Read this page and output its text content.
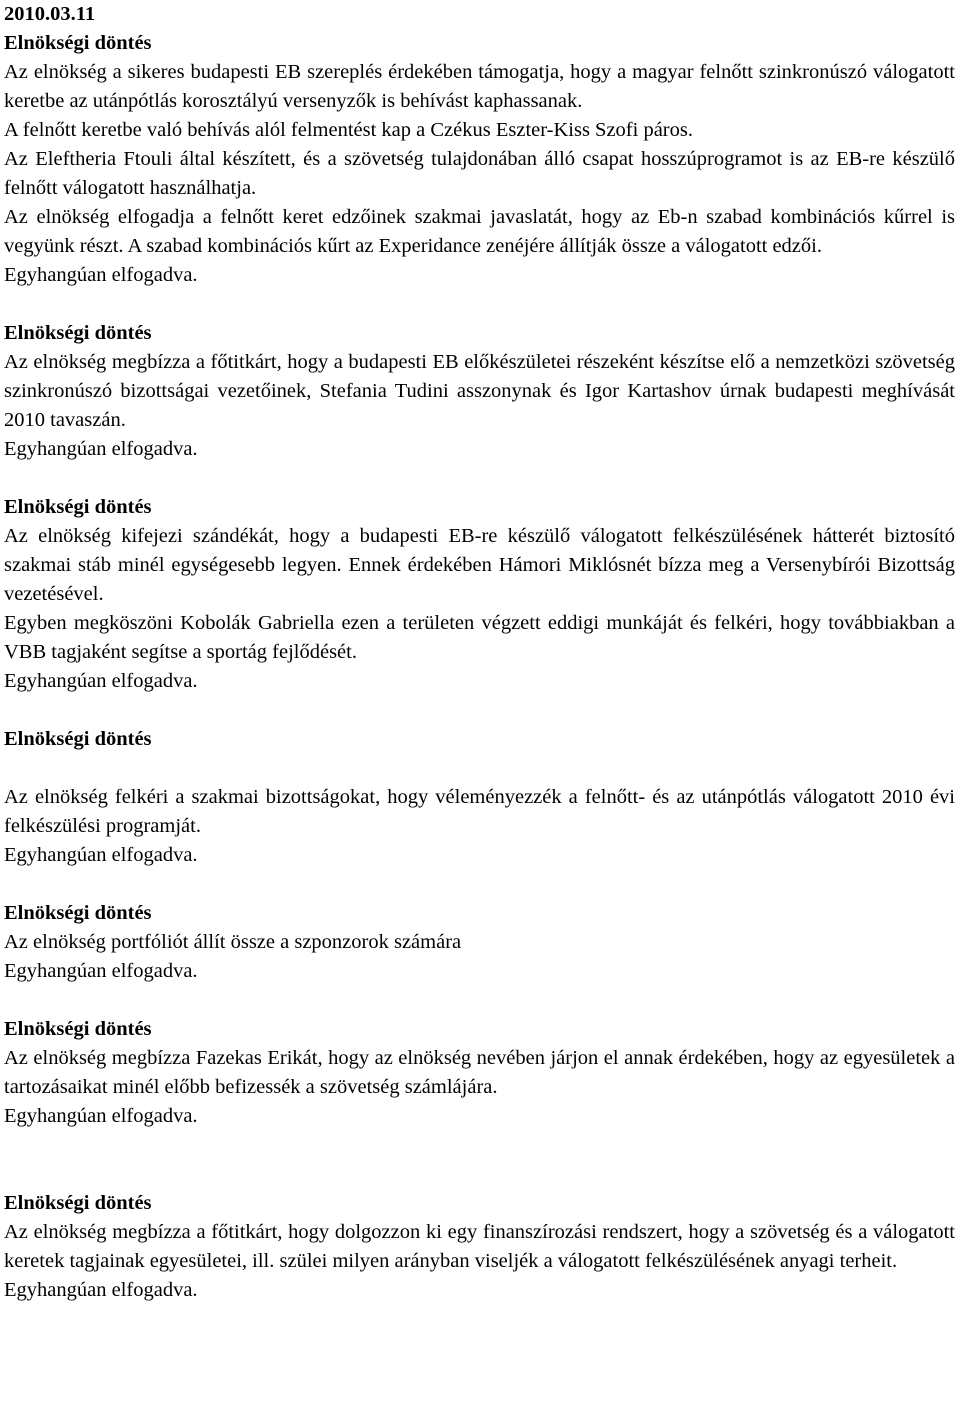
2010.03.11
Elnökségi döntés
Az elnökség a sikeres budapesti EB szereplés érdekében támogatja, hogy a magyar felnőtt szinkronúszó válogatott keretbe az utánpótlás korosztályú versenyzők is behívást kaphassanak.
A felnőtt keretbe való behívás alól felmentést kap a Czékus Eszter-Kiss Szofi páros.
Az Eleftheria Ftouli által készített, és a szövetség tulajdonában álló csapat hosszúprogramot is az EB-re készülő felnőtt válogatott használhatja.
Az elnökség elfogadja a felnőtt keret edzőinek szakmai javaslatát, hogy az Eb-n szabad kombinációs kűrrel is vegyünk részt. A szabad kombinációs kűrt az Experidance zenéjére állítják össze a válogatott edzői.
Egyhangúan elfogadva.
Elnökségi döntés
Az elnökség megbízza a főtitkárt, hogy a budapesti EB előkészületei részeként készítse elő a nemzetközi szövetség szinkronúszó bizottságai vezetőinek, Stefania Tudini asszonynak és Igor Kartashov úrnak budapesti meghívását 2010 tavaszán.
Egyhangúan elfogadva.
Elnökségi döntés
Az elnökség kifejezi szándékát, hogy a budapesti EB-re készülő válogatott felkészülésének hátterét biztosító szakmai stáb minél egységesebb legyen. Ennek érdekében Hámori Miklósnét bízza meg a Versenybírói Bizottság vezetésével.
Egyben megköszöni Kobolák Gabriella ezen a területen végzett eddigi munkáját és felkéri, hogy továbbiakban a VBB tagjaként segítse a sportág fejlődését.
Egyhangúan elfogadva.
Elnökségi döntés
Az elnökség felkéri a szakmai bizottságokat, hogy véleményezzék a felnőtt- és az utánpótlás válogatott 2010 évi felkészülési programját.
Egyhangúan elfogadva.
Elnökségi döntés
Az elnökség portfóliót állít össze a szponzorok számára
Egyhangúan elfogadva.
Elnökségi döntés
Az elnökség megbízza Fazekas Erikát, hogy az elnökség nevében járjon el annak érdekében, hogy az egyesületek a tartozásaikat minél előbb befizessék a szövetség számlájára.
Egyhangúan elfogadva.
Elnökségi döntés
Az elnökség megbízza a főtitkárt, hogy dolgozzon ki egy finanszírozási rendszert, hogy a szövetség és a válogatott keretek tagjainak egyesületei, ill. szülei milyen arányban viseljék a válogatott felkészülésének anyagi terheit.
Egyhangúan elfogadva.
